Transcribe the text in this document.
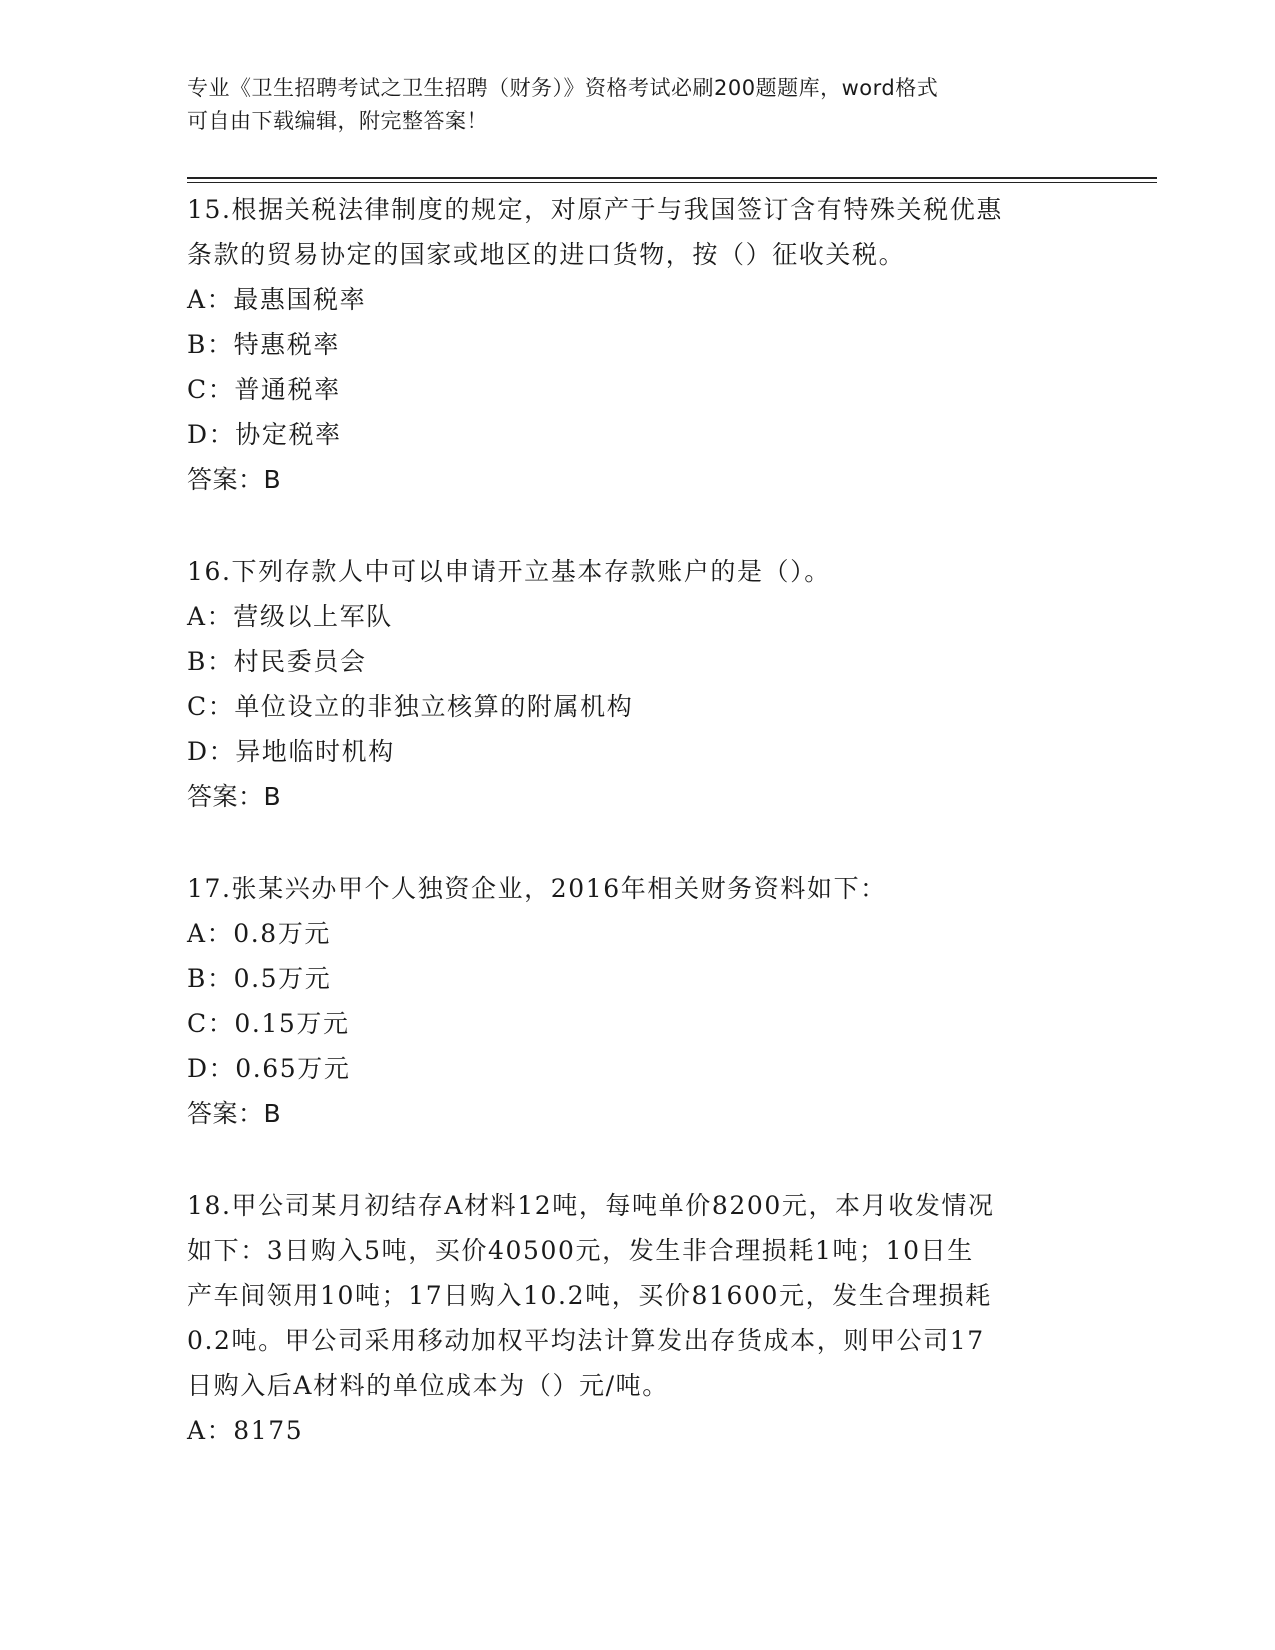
专业《卫生招聘考试之卫生招聘（财务）》资格考试必刷200题题库，word格式
可自由下载编辑，附完整答案！
15.根据关税法律制度的规定，对原产于与我国签订含有特殊关税优惠
条款的贸易协定的国家或地区的进口货物，按（）征收关税。
A：最惠国税率
B：特惠税率
C：普通税率
D：协定税率
答案：B
16.下列存款人中可以申请开立基本存款账户的是（）。
A：营级以上军队
B：村民委员会
C：单位设立的非独立核算的附属机构
D：异地临时机构
答案：B
17.张某兴办甲个人独资企业，2016年相关财务资料如下：
A：0.8万元
B：0.5万元
C：0.15万元
D：0.65万元
答案：B
18.甲公司某月初结存A材料12吨，每吨单价8200元，本月收发情况
如下：3日购入5吨，买价40500元，发生非合理损耗1吨；10日生
产车间领用10吨；17日购入10.2吨，买价81600元，发生合理损耗
0.2吨。甲公司采用移动加权平均法计算发出存货成本，则甲公司17
日购入后A材料的单位成本为（）元/吨。
A：8175
